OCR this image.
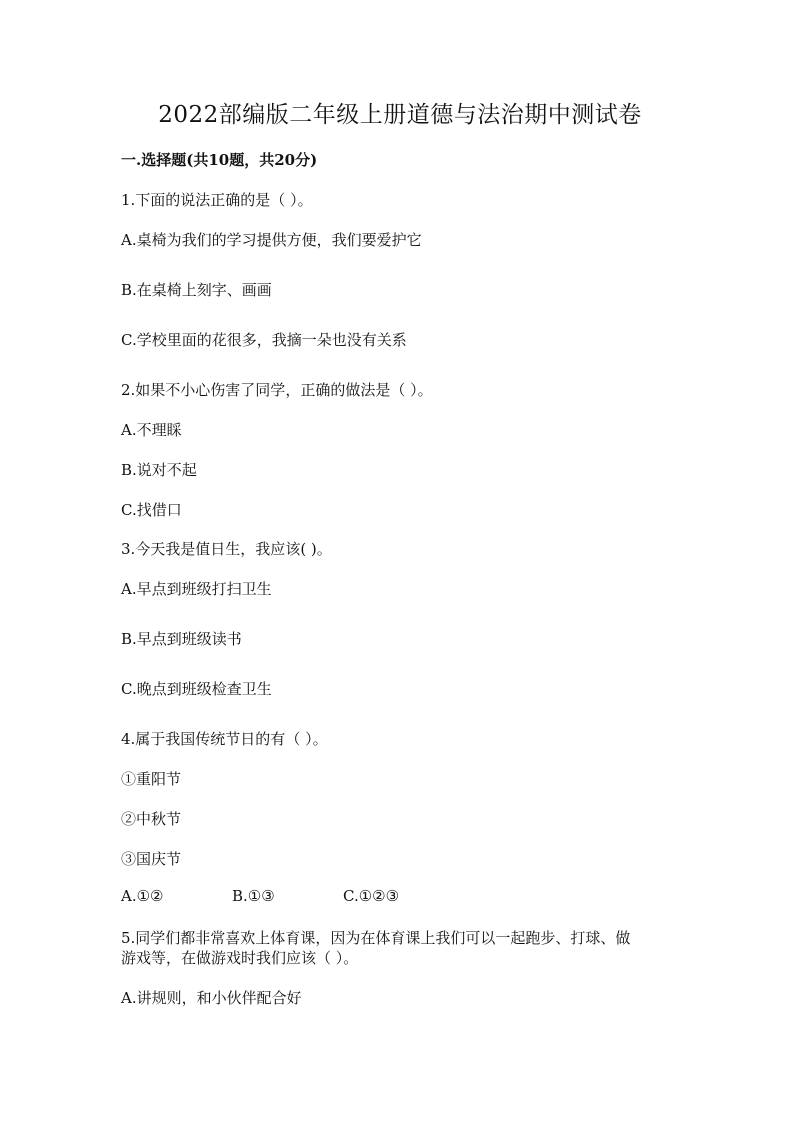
2022部编版二年级上册道德与法治期中测试卷
一.选择题(共10题，共20分)
1.下面的说法正确的是（ ）。
A.桌椅为我们的学习提供方便，我们要爱护它
B.在桌椅上刻字、画画
C.学校里面的花很多，我摘一朵也没有关系
2.如果不小心伤害了同学，正确的做法是（ ）。
A.不理睬
B.说对不起
C.找借口
3.今天我是值日生，我应该( )。
A.早点到班级打扫卫生
B.早点到班级读书
C.晚点到班级检查卫生
4.属于我国传统节日的有（ ）。
①重阳节
②中秋节
③国庆节
A.①②	B.①③	C.①②③
5.同学们都非常喜欢上体育课，因为在体育课上我们可以一起跑步、打球、做
游戏等，在做游戏时我们应该（ ）。
A.讲规则，和小伙伴配合好
